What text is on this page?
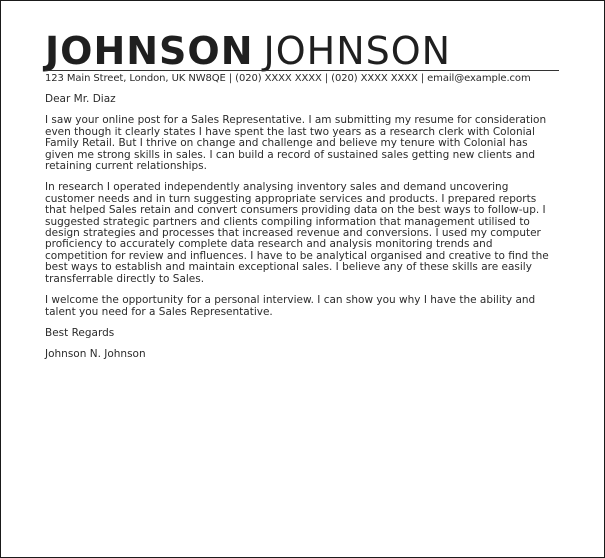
JOHNSON JOHNSON
123 Main Street, London, UK NW8QE | (020) XXXX XXXX | (020) XXXX XXXX | email@example.com

Dear Mr. Diaz

I saw your online post for a Sales Representative. I am submitting my resume for consideration
even though it clearly states I have spent the last two years as a research clerk with Colonial
Family Retail. But I thrive on change and challenge and believe my tenure with Colonial has
given me strong skills in sales. I can build a record of sustained sales getting new clients and
retaining current relationships.

In research I operated independently analysing inventory sales and demand uncovering
customer needs and in turn suggesting appropriate services and products. I prepared reports
that helped Sales retain and convert consumers providing data on the best ways to follow-up. I
suggested strategic partners and clients compiling information that management utilised to
design strategies and processes that increased revenue and conversions. I used my computer
proficiency to accurately complete data research and analysis monitoring trends and
competition for review and influences. I have to be analytical organised and creative to find the
best ways to establish and maintain exceptional sales. I believe any of these skills are easily
transferrable directly to Sales.

I welcome the opportunity for a personal interview. I can show you why I have the ability and
talent you need for a Sales Representative.

Best Regards

Johnson N. Johnson
